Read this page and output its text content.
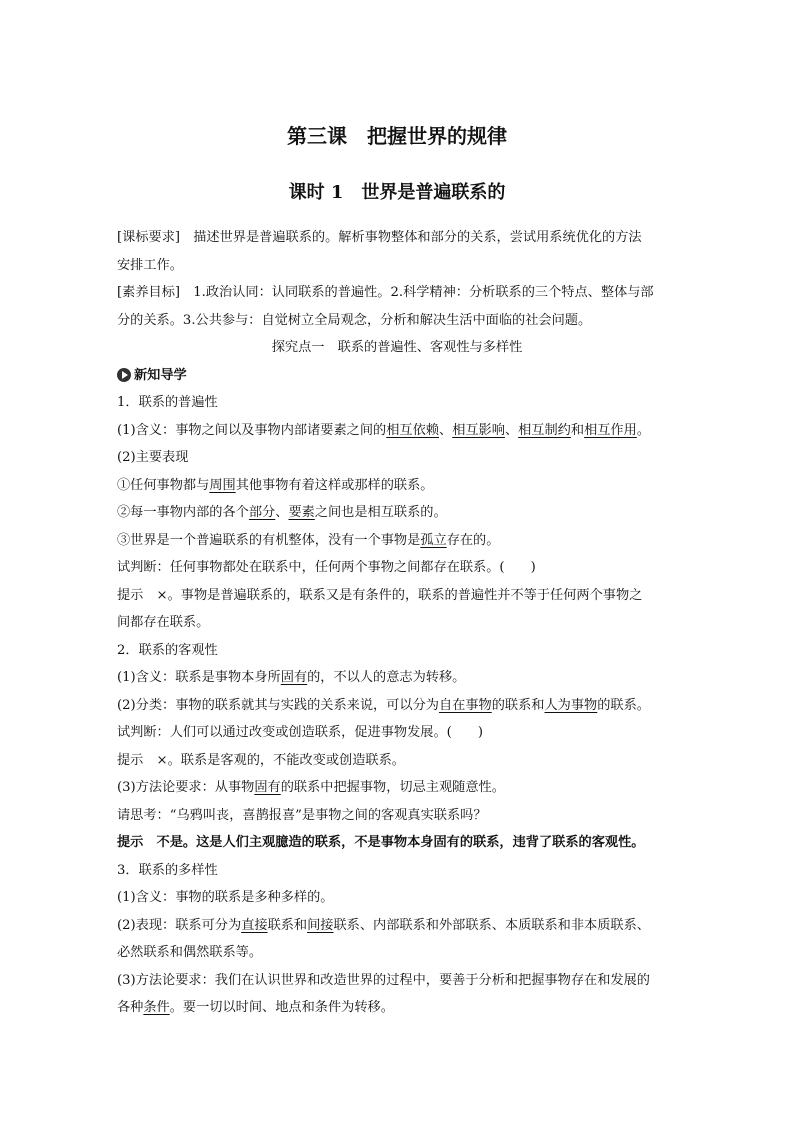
第三课　把握世界的规律
课时 1　世界是普遍联系的

[课标要求]　描述世界是普遍联系的。解析事物整体和部分的关系，尝试用系统优化的方法

安排工作。

[素养目标]　1.政治认同：认同联系的普遍性。2.科学精神：分析联系的三个特点、整体与部

分的关系。3.公共参与：自觉树立全局观念，分析和解决生活中面临的社会问题。

探究点一　联系的普遍性、客观性与多样性

新知导学

1．联系的普遍性

(1)含义：事物之间以及事物内部诸要素之间的相互依赖、相互影响、相互制约和相互作用。

(2)主要表现

①任何事物都与周围其他事物有着这样或那样的联系。

②每一事物内部的各个部分、要素之间也是相互联系的。

③世界是一个普遍联系的有机整体，没有一个事物是孤立存在的。

试判断：任何事物都处在联系中，任何两个事物之间都存在联系。( )

提示　×。事物是普遍联系的，联系又是有条件的，联系的普遍性并不等于任何两个事物之

间都存在联系。

2．联系的客观性

(1)含义：联系是事物本身所固有的，不以人的意志为转移。

(2)分类：事物的联系就其与实践的关系来说，可以分为自在事物的联系和人为事物的联系。

试判断：人们可以通过改变或创造联系，促进事物发展。( )

提示　×。联系是客观的，不能改变或创造联系。

(3)方法论要求：从事物固有的联系中把握事物，切忌主观随意性。

请思考：“乌鸦叫丧，喜鹊报喜”是事物之间的客观真实联系吗？

提示　不是。这是人们主观臆造的联系，不是事物本身固有的联系，违背了联系的客观性。

3．联系的多样性

(1)含义：事物的联系是多种多样的。

(2)表现：联系可分为直接联系和间接联系、内部联系和外部联系、本质联系和非本质联系、

必然联系和偶然联系等。

(3)方法论要求：我们在认识世界和改造世界的过程中，要善于分析和把握事物存在和发展的

各种条件。要一切以时间、地点和条件为转移。
